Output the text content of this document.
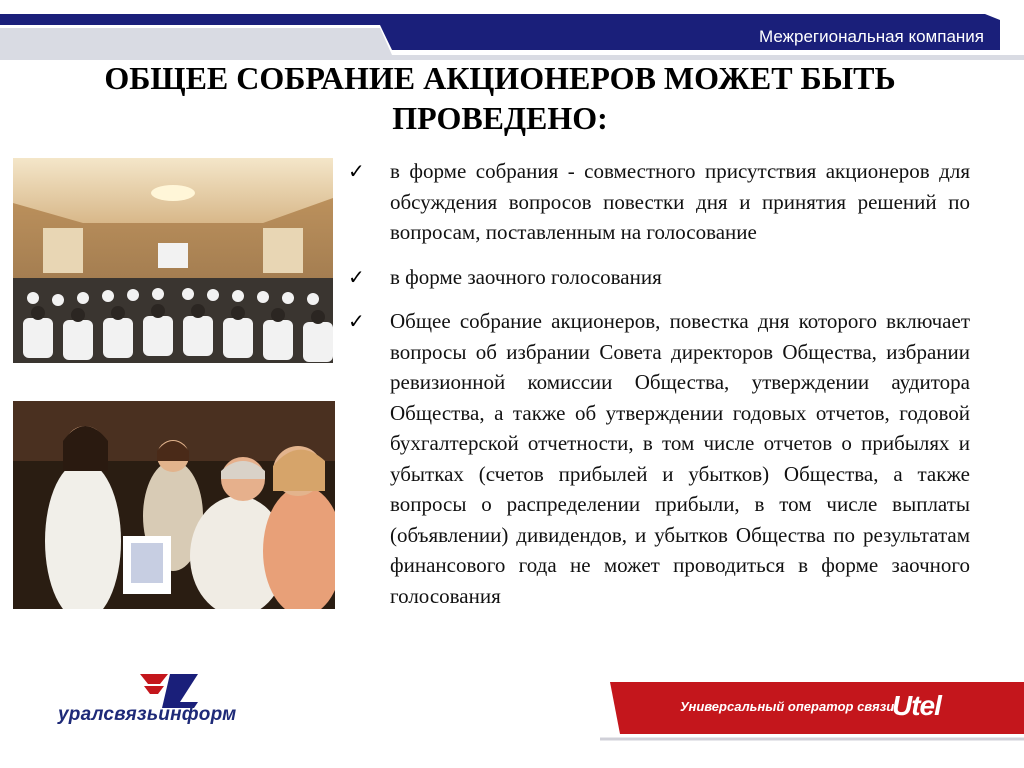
Межрегиональная компания
ОБЩЕЕ СОБРАНИЕ АКЦИОНЕРОВ МОЖЕТ БЫТЬ
ПРОВЕДЕНО:
✓ в форме собрания - совместного присутствия акционеров для обсуждения вопросов повестки дня и принятия решений по вопросам, поставленным на голосование
✓ в форме заочного голосования
✓ Общее собрание акционеров, повестка дня которого включает вопросы об избрании Совета директоров Общества, избрании ревизионной комиссии Общества, утверждении аудитора Общества, а также об утверждении годовых отчетов, годовой бухгалтерской отчетности, в том числе отчетов о прибылях и убытках (счетов прибылей и убытков) Общества, а также вопросы о распределении прибыли, в том числе выплаты (объявлении) дивидендов, и убытков Общества по результатам финансового года не может проводиться в форме заочного голосования
уралсвязьинформ	Универсальный оператор связи
Utel
